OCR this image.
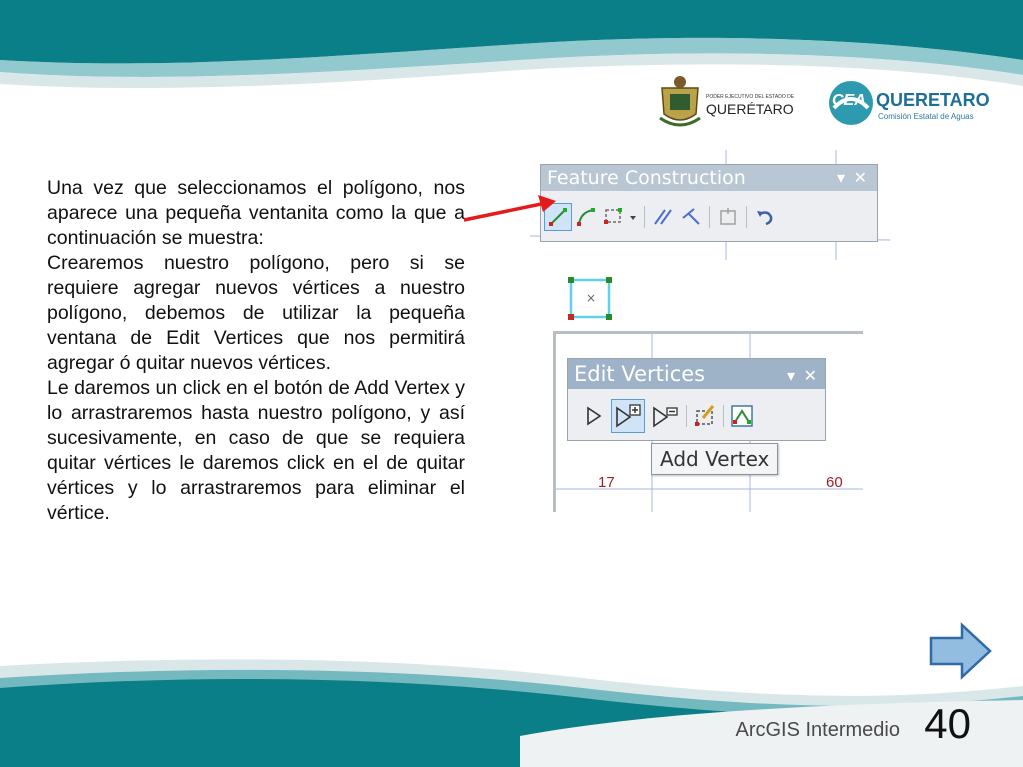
PODER EJECUTIVO DEL ESTADO DE
QUERÉTARO CEA QUERETARO
Comisión Estatal de Aguas

Una vez que seleccionamos el polígono, nos aparece una pequeña ventanita como la que a continuación se muestra:

Crearemos nuestro polígono, pero si se requiere agregar nuevos vértices a nuestro polígono, debemos de utilizar la pequeña ventana de Edit Vertices que nos permitirá agregar ó quitar nuevos vértices.

Le daremos un click en el botón de Add Vertex y lo arrastraremos hasta nuestro polígono, y así sucesivamente, en caso de que se requiera quitar vértices le daremos click en el de quitar vértices y lo arrastraremos para eliminar el vértice.

Feature Construction	▾ ✕
×
17	60
Edit Vertices	▾ ✕
Add Vertex
ArcGIS Intermedio 40
